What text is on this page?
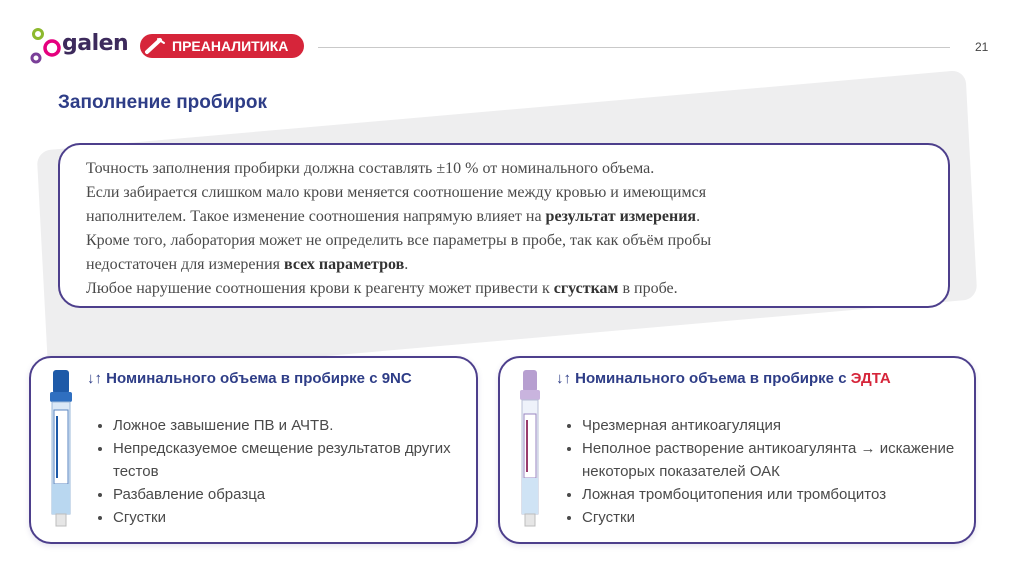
galen	ПРЕАНАЛИТИКА	21
Заполнение пробирок

Точность заполнения пробирки должна составлять ±10 % от номинального объема.

Если забирается слишком мало крови меняется соотношение между кровью и имеющимся

наполнителем. Такое изменение соотношения напрямую влияет на результат измерения.

Кроме того, лаборатория может не определить все параметры в пробе, так как объём пробы

недостаточен для измерения всех параметров.

Любое нарушение соотношения крови к реагенту может привести к сгусткам в пробе.

↓↑ Номинального объема в пробирке с 9NC
• Ложное завышение ПВ и АЧТВ.
• Непредсказуемое смещение результатов других тестов
• Разбавление образца
• Сгустки
↓↑ Номинального объема в пробирке с ЭДТА
• Чрезмерная антикоагуляция
• Неполное растворение антикоагулянта → искажение некоторых показателей ОАК
• Ложная тромбоцитопения или тромбоцитоз
• Сгустки
